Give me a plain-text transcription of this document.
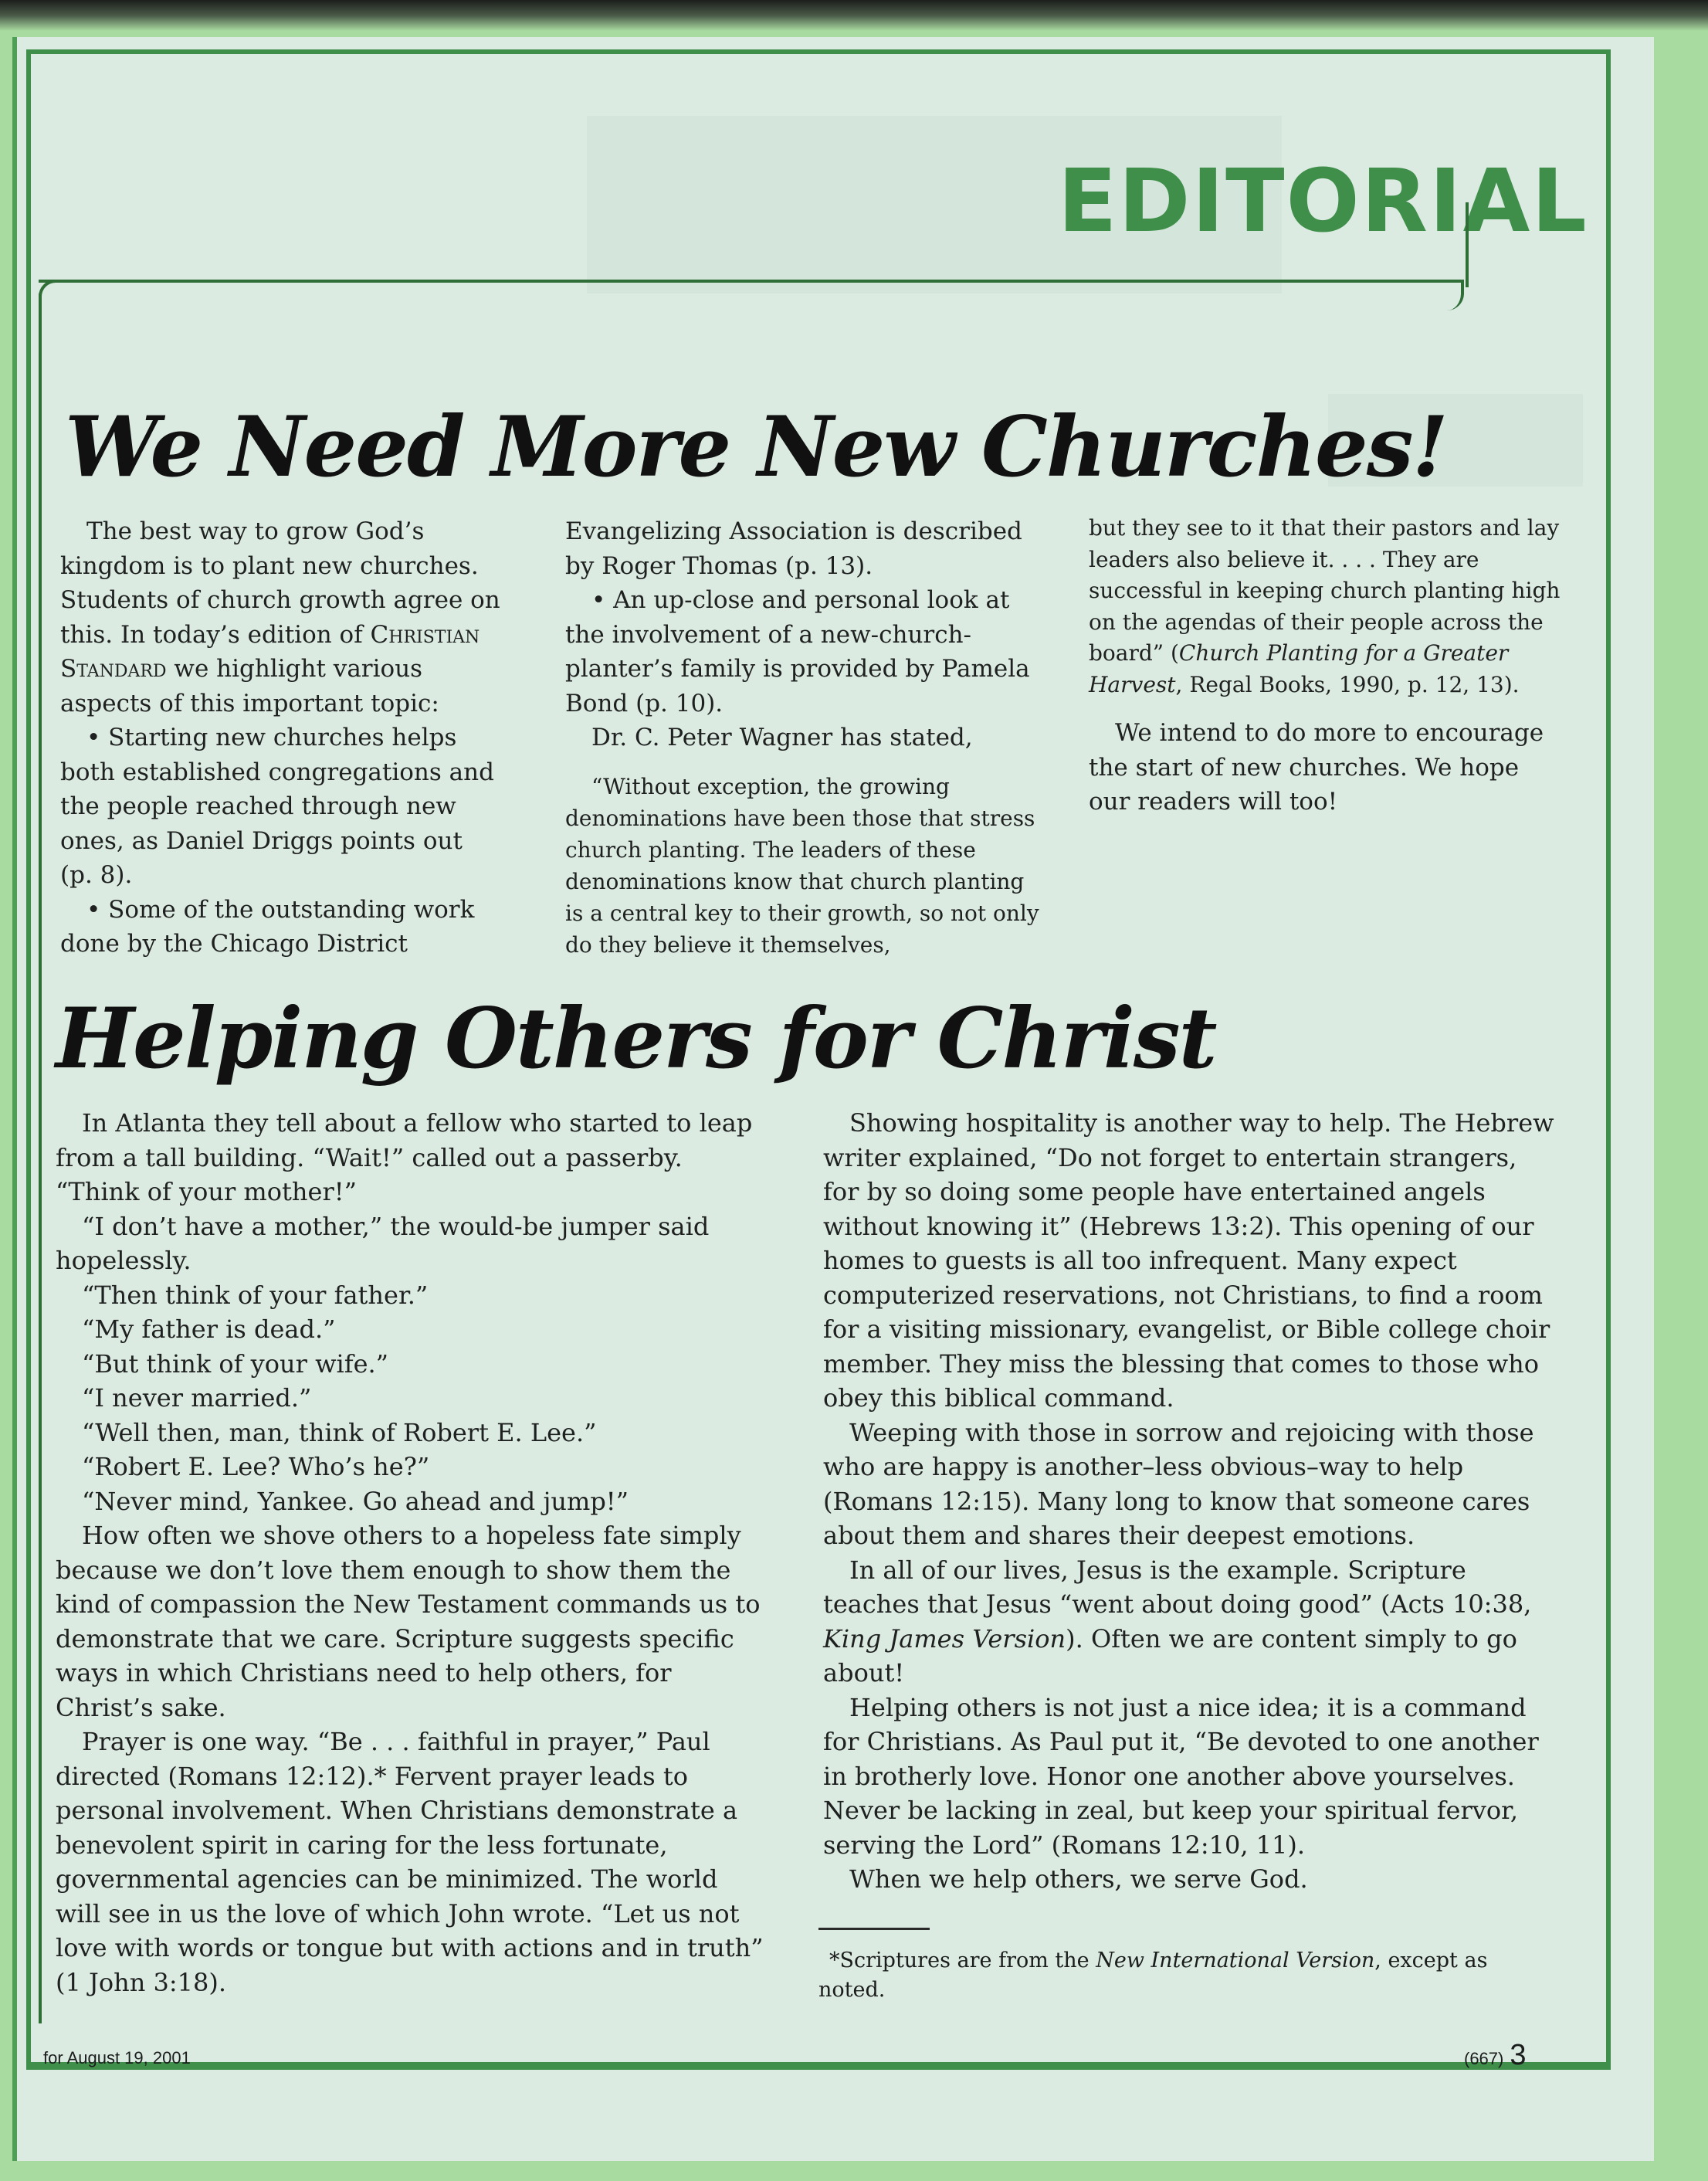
EDITORIAL
We Need More New Churches!

The best way to grow God’s kingdom is to plant new churches. Students of church growth agree on this. In today’s edition of Christian Standard we highlight various aspects of this important topic:

• Starting new churches helps both established congregations and the people reached through new ones, as Daniel Driggs points out (p. 8).

• Some of the outstanding work done by the Chicago District

Evangelizing Association is described by Roger Thomas (p. 13).

• An up-close and personal look at the involvement of a new-church-planter’s family is provided by Pamela Bond (p. 10).

Dr. C. Peter Wagner has stated,

“Without exception, the growing denominations have been those that stress church planting. The leaders of these denominations know that church planting is a central key to their growth, so not only do they believe it themselves,

but they see to it that their pastors and lay leaders also believe it. . . . They are successful in keeping church planting high on the agendas of their people across the board” (Church Planting for a Greater Harvest, Regal Books, 1990, p. 12, 13).

We intend to do more to encourage the start of new churches. We hope our readers will too!

Helping Others for Christ

In Atlanta they tell about a fellow who started to leap from a tall building. “Wait!” called out a passerby. “Think of your mother!”

“I don’t have a mother,” the would-be jumper said hopelessly.

“Then think of your father.”

“My father is dead.”

“But think of your wife.”

“I never married.”

“Well then, man, think of Robert E. Lee.”

“Robert E. Lee? Who’s he?”

“Never mind, Yankee. Go ahead and jump!”

How often we shove others to a hopeless fate simply because we don’t love them enough to show them the kind of compassion the New Testament commands us to demonstrate that we care. Scripture suggests specific ways in which Christians need to help others, for Christ’s sake.

Prayer is one way. “Be . . . faithful in prayer,” Paul directed (Romans 12:12).* Fervent prayer leads to personal involvement. When Christians demonstrate a benevolent spirit in caring for the less fortunate, governmental agencies can be minimized. The world will see in us the love of which John wrote. “Let us not love with words or tongue but with actions and in truth” (1 John 3:18).

Showing hospitality is another way to help. The Hebrew writer explained, “Do not forget to entertain strangers, for by so doing some people have entertained angels without knowing it” (Hebrews 13:2). This opening of our homes to guests is all too infrequent. Many expect computerized reservations, not Christians, to find a room for a visiting missionary, evangelist, or Bible college choir member. They miss the blessing that comes to those who obey this biblical command.

Weeping with those in sorrow and rejoicing with those who are happy is another–less obvious–way to help (Romans 12:15). Many long to know that someone cares about them and shares their deepest emotions.

In all of our lives, Jesus is the example. Scripture teaches that Jesus “went about doing good” (Acts 10:38, King James Version). Often we are content simply to go about!

Helping others is not just a nice idea; it is a command for Christians. As Paul put it, “Be devoted to one another in brotherly love. Honor one another above yourselves. Never be lacking in zeal, but keep your spiritual fervor, serving the Lord” (Romans 12:10, 11).

When we help others, we serve God.

*Scriptures are from the New International Version, except as noted.
for August 19, 2001	(667) 3
